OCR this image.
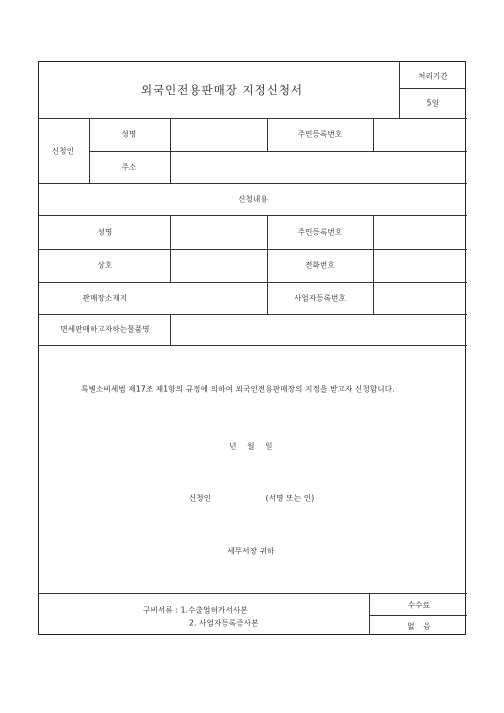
외국인전용판매장 지정신청서
처리기간
5일
신청인
성명	주민등록번호
주소
신청내용
성명	주민등록번호
상호	전화번호
판매장소재지	사업자등록번호
면세판매하고자하는물품명
특별소비세법 제17조 제1항의 규정에 의하여 외국인전용판매장의 지정을 받고자 신청합니다.
년 월 일
신청인	(서명 또는 인)
세무서장 귀하
구비서류 : 1.수출업허가서사본
2. 사업자등록증사본
수수료
없 음
